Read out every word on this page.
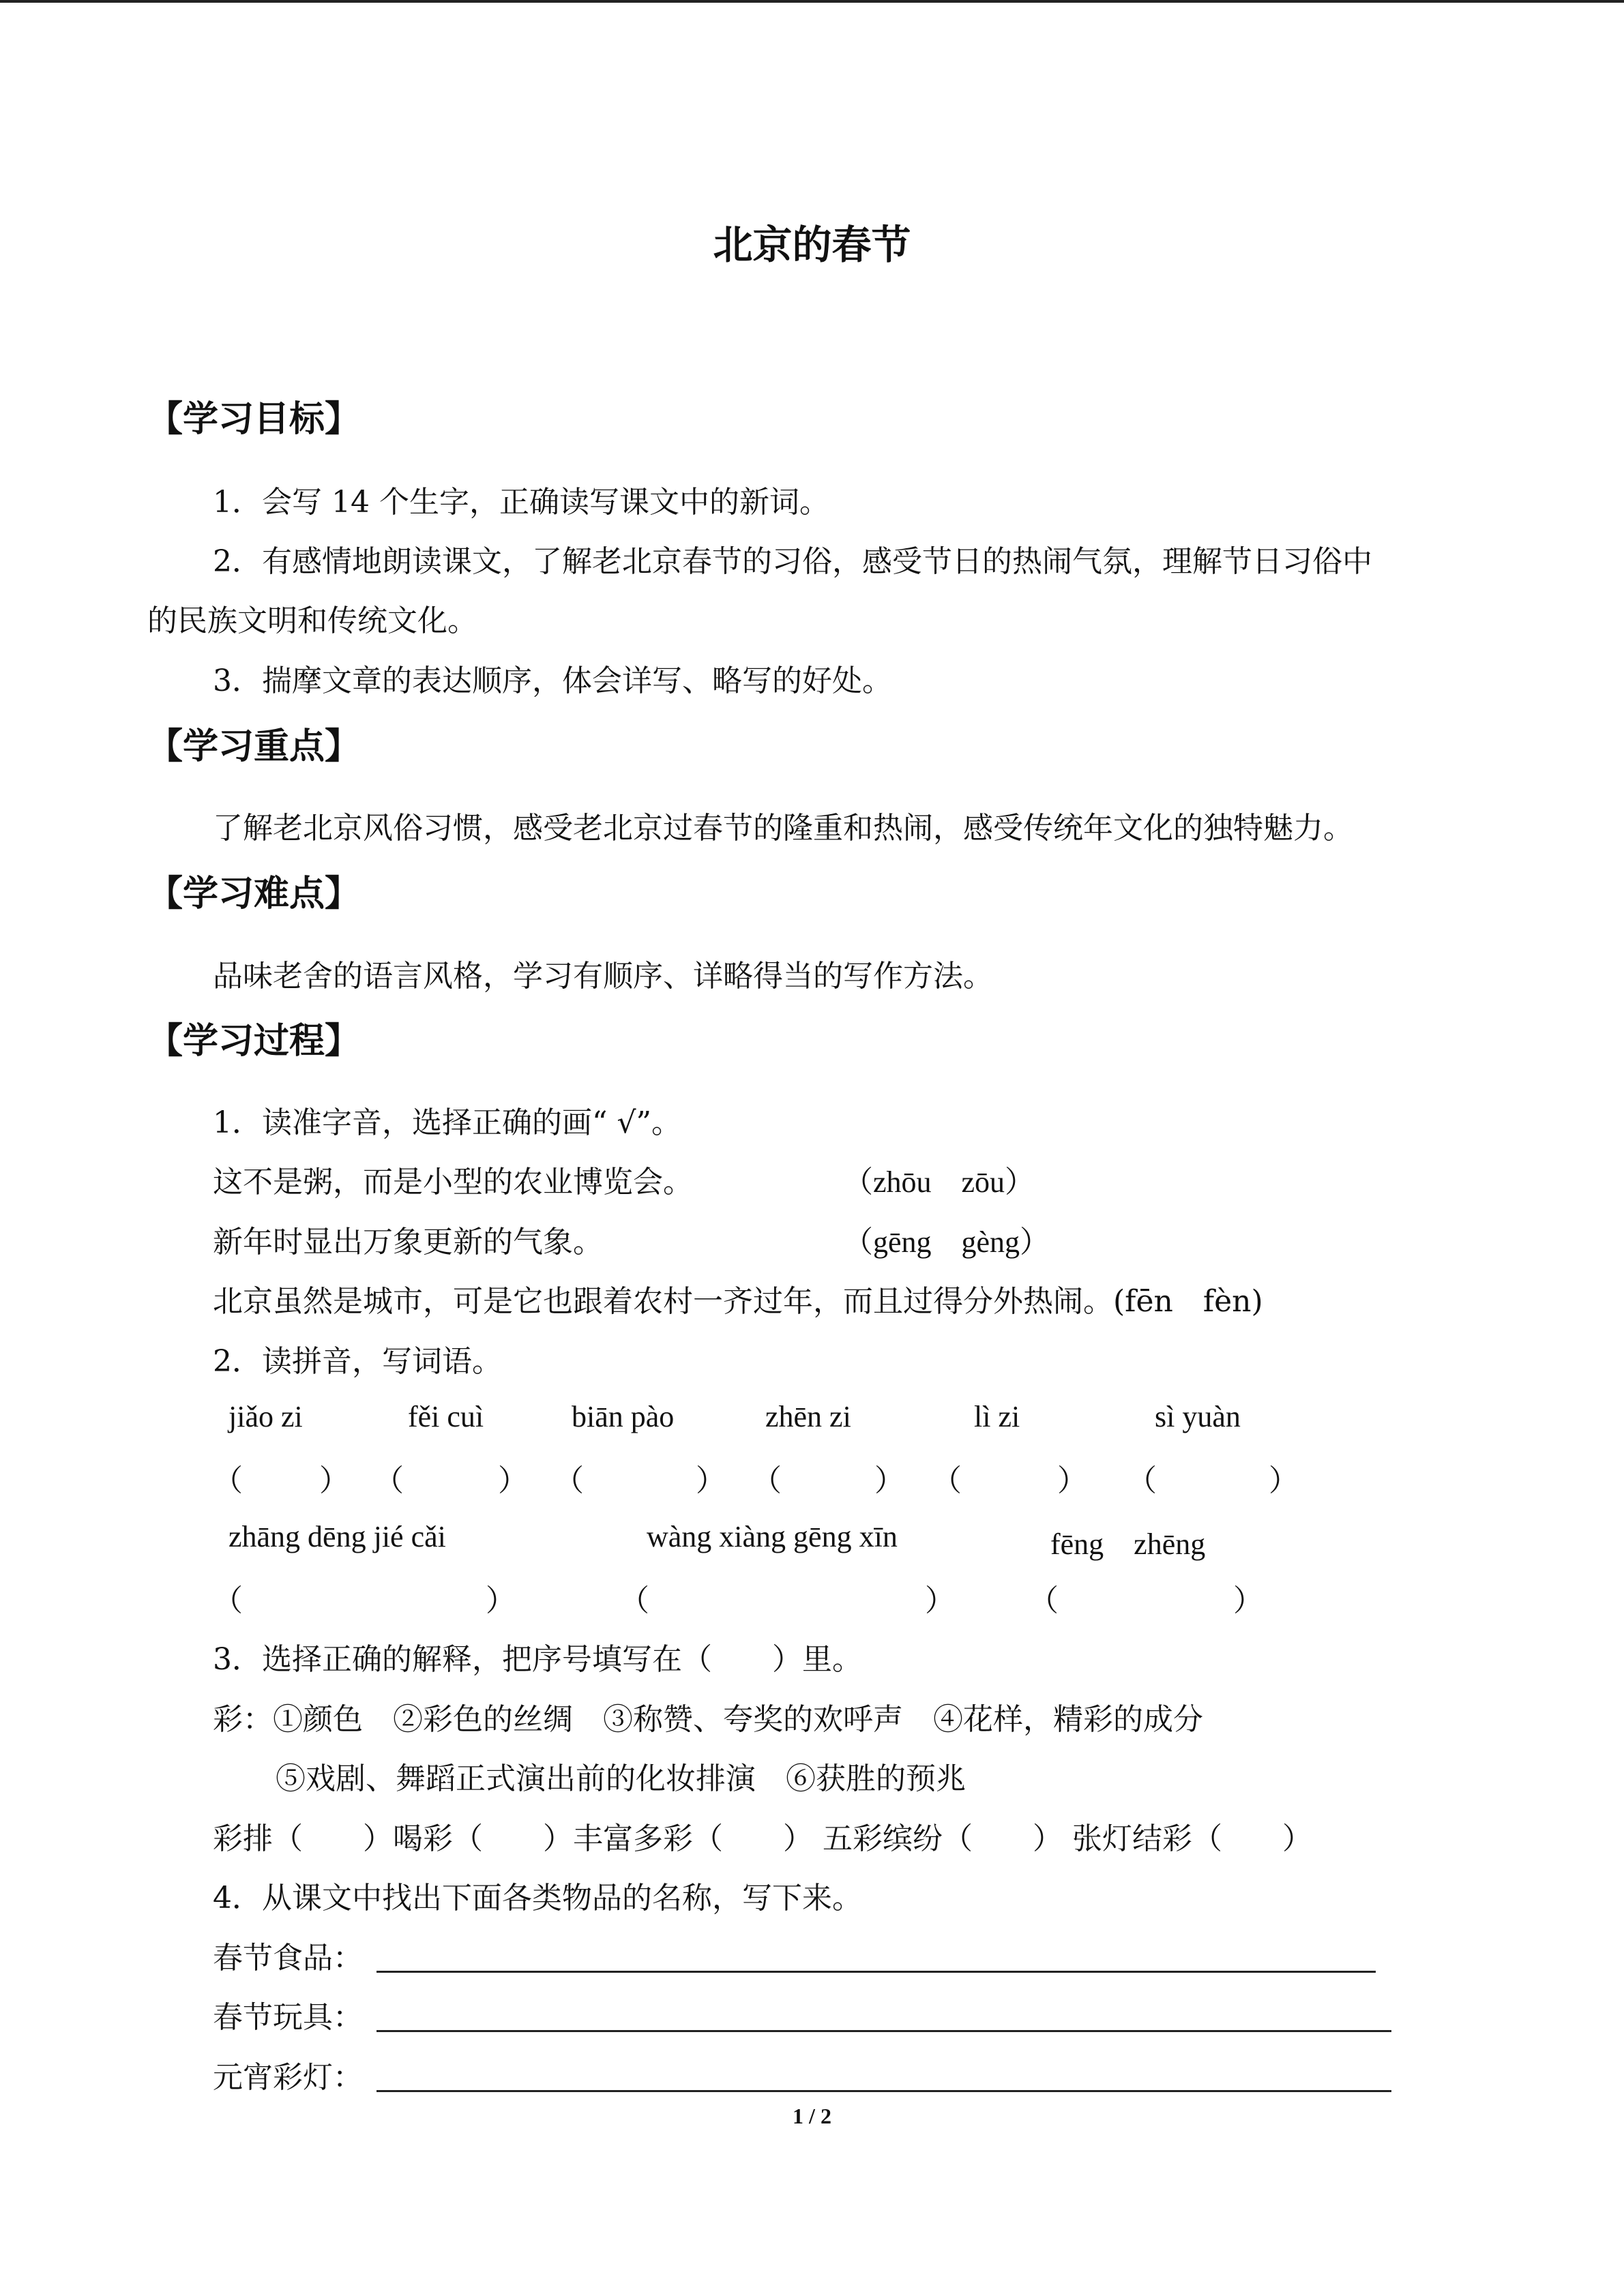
北京的春节
【学习目标】
1．会写 14 个生字，正确读写课文中的新词。
2．有感情地朗读课文，了解老北京春节的习俗，感受节日的热闹气氛，理解节日习俗中
的民族文明和传统文化。
3．揣摩文章的表达顺序，体会详写、略写的好处。
【学习重点】
了解老北京风俗习惯，感受老北京过春节的隆重和热闹，感受传统年文化的独特魅力。
【学习难点】
品味老舍的语言风格，学习有顺序、详略得当的写作方法。
【学习过程】
1．读准字音，选择正确的画“ √”。
这不是粥，而是小型的农业博览会。	（zhōu　zōu）
新年时显出万象更新的气象。	（gēng　gèng）
北京虽然是城市，可是它也跟着农村一齐过年，而且过得分外热闹。(fēn　fèn)
2．读拼音，写词语。
jiǎo zi	fěi cuì	biān pào	zhēn zi	lì zi	sì yuàn
（	） （	） （	） （	） （	） （	）
zhāng dēng jié cǎi	wàng xiàng gēng xīn	fēng　zhēng
（	）	（	） （	）
3．选择正确的解释，把序号填写在（　　）里。
彩：①颜色　②彩色的丝绸　③称赞、夸奖的欢呼声　④花样，精彩的成分
⑤戏剧、舞蹈正式演出前的化妆排演　⑥获胜的预兆
彩排（　　）喝彩（　　）丰富多彩（　　） 五彩缤纷（　　） 张灯结彩（　　）
4．从课文中找出下面各类物品的名称，写下来。
春节食品：
春节玩具：
元宵彩灯：
1 / 2
